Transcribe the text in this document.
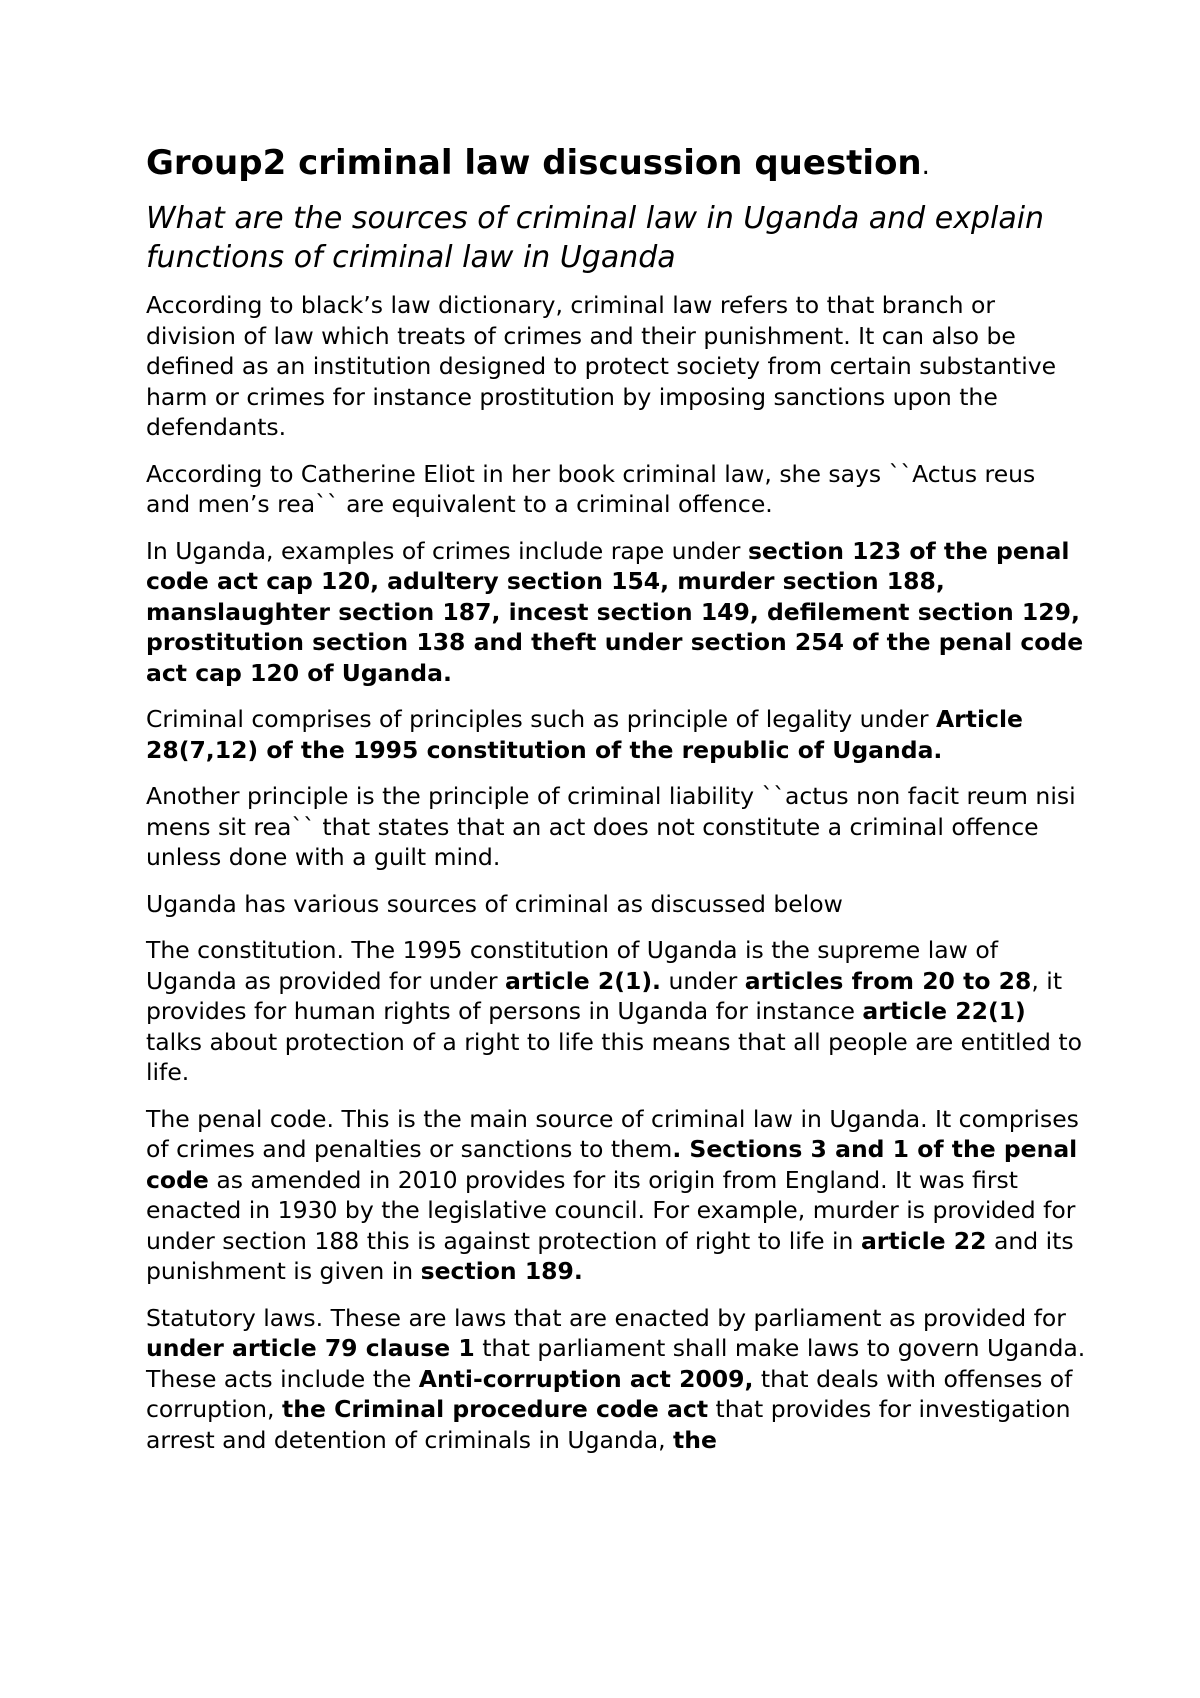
Group2 criminal law discussion question.
What are the sources of criminal law in Uganda and explain functions of criminal law in Uganda

According to black’s law dictionary, criminal law refers to that branch or division of law which treats of crimes and their punishment. It can also be defined as an institution designed to protect society from certain substantive harm or crimes for instance prostitution by imposing sanctions upon the defendants.

According to Catherine Eliot in her book criminal law, she says ``Actus reus and men’s rea`` are equivalent to a criminal offence.

In Uganda, examples of crimes include rape under section 123 of the penal code act cap 120, adultery section 154, murder section 188, manslaughter section 187, incest section 149, defilement section 129, prostitution section 138 and theft under section 254 of the penal code act cap 120 of Uganda.

Criminal comprises of principles such as principle of legality under Article 28(7,12) of the 1995 constitution of the republic of Uganda.

Another principle is the principle of criminal liability ``actus non facit reum nisi mens sit rea`` that states that an act does not constitute a criminal offence unless done with a guilt mind.

Uganda has various sources of criminal as discussed below

The constitution. The 1995 constitution of Uganda is the supreme law of Uganda as provided for under article 2(1). under articles from 20 to 28, it provides for human rights of persons in Uganda for instance article 22(1) talks about protection of a right to life this means that all people are entitled to life.

The penal code. This is the main source of criminal law in Uganda. It comprises of crimes and penalties or sanctions to them. Sections 3 and 1 of the penal code as amended in 2010 provides for its origin from England. It was first enacted in 1930 by the legislative council. For example, murder is provided for under section 188 this is against protection of right to life in article 22 and its punishment is given in section 189.

Statutory laws. These are laws that are enacted by parliament as provided for under article 79 clause 1 that parliament shall make laws to govern Uganda. These acts include the Anti-corruption act 2009, that deals with offenses of corruption, the Criminal procedure code act that provides for investigation arrest and detention of criminals in Uganda, the
